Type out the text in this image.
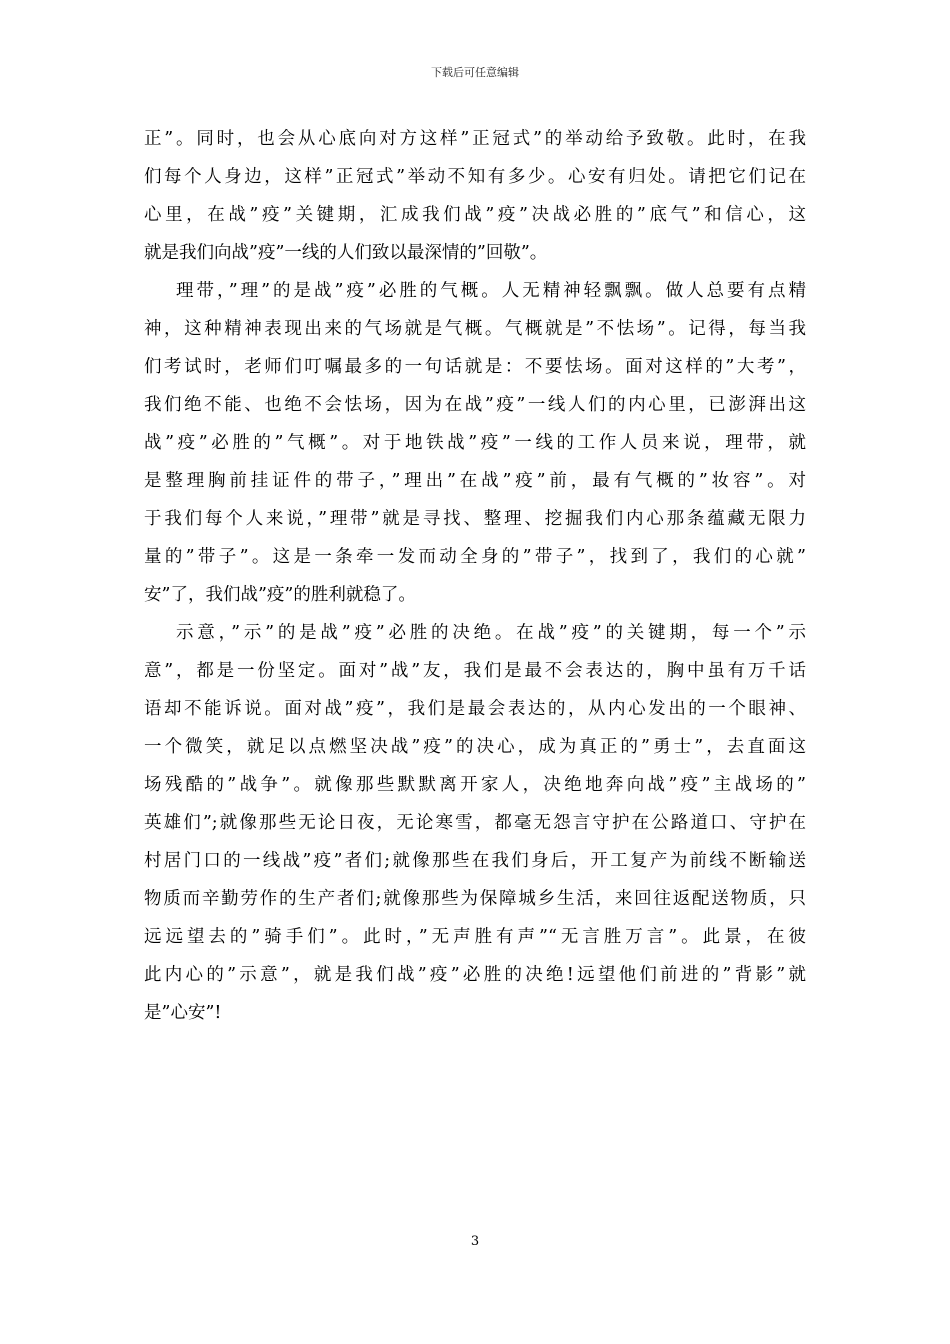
下载后可任意编辑
正”。同时，也会从心底向对方这样”正冠式”的举动给予致敬。此时，在我
们每个人身边，这样”正冠式”举动不知有多少。心安有归处。请把它们记在
心里，在战”疫”关键期，汇成我们战”疫”决战必胜的”底气”和信心，这
就是我们向战”疫”一线的人们致以最深情的”回敬”。
理带，”理”的是战”疫”必胜的气概。人无精神轻飘飘。做人总要有点精
神，这种精神表现出来的气场就是气概。气概就是”不怯场”。记得，每当我
们考试时，老师们叮嘱最多的一句话就是：不要怯场。面对这样的”大考”，
我们绝不能、也绝不会怯场，因为在战”疫”一线人们的内心里，已澎湃出这
战”疫”必胜的”气概”。对于地铁战”疫”一线的工作人员来说，理带，就
是整理胸前挂证件的带子，”理出”在战”疫”前，最有气概的”妆容”。对
于我们每个人来说，”理带”就是寻找、整理、挖掘我们内心那条蕴藏无限力
量的”带子”。这是一条牵一发而动全身的”带子”，找到了，我们的心就”
安”了，我们战”疫”的胜利就稳了。
示意，”示”的是战”疫”必胜的决绝。在战”疫”的关键期，每一个”示
意”，都是一份坚定。面对”战”友，我们是最不会表达的，胸中虽有万千话
语却不能诉说。面对战”疫”，我们是最会表达的，从内心发出的一个眼神、
一个微笑，就足以点燃坚决战”疫”的决心，成为真正的”勇士”，去直面这
场残酷的”战争”。就像那些默默离开家人，决绝地奔向战”疫”主战场的”
英雄们”;就像那些无论日夜，无论寒雪，都毫无怨言守护在公路道口、守护在
村居门口的一线战”疫”者们;就像那些在我们身后，开工复产为前线不断输送
物质而辛勤劳作的生产者们;就像那些为保障城乡生活，来回往返配送物质，只
远远望去的”骑手们”。此时，”无声胜有声”“无言胜万言”。此景，在彼
此内心的”示意”，就是我们战”疫”必胜的决绝!远望他们前进的”背影”就
是”心安”!
3
